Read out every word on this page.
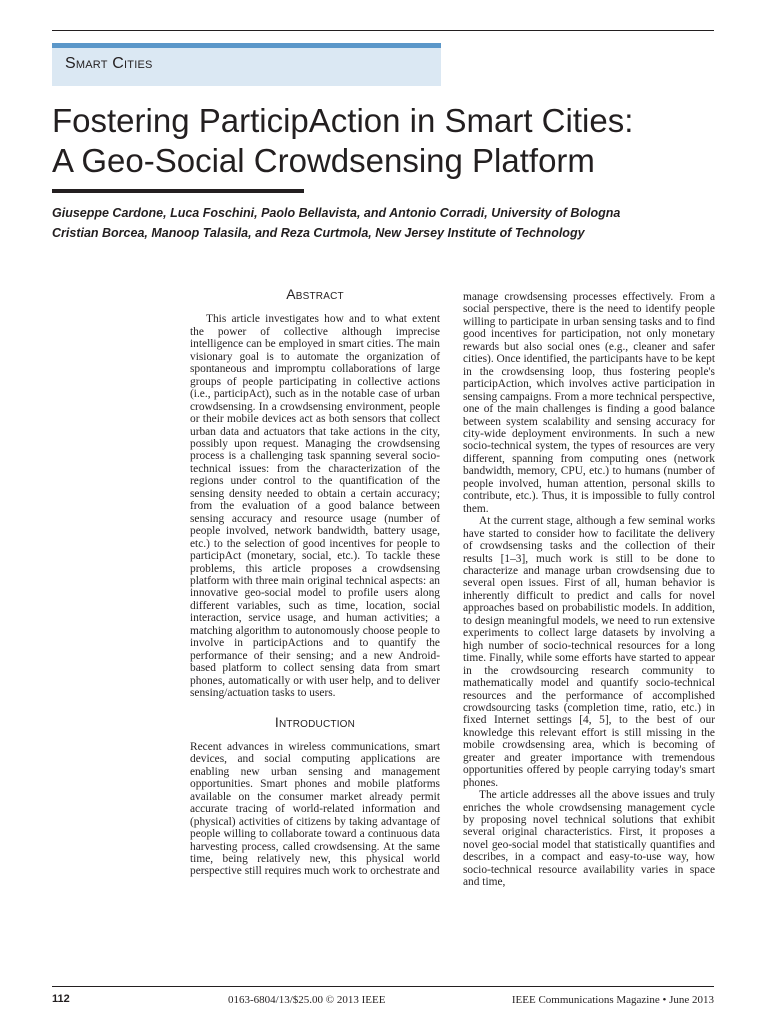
Smart Cities
Fostering ParticipAction in Smart Cities:
A Geo-Social Crowdsensing Platform
Giuseppe Cardone, Luca Foschini, Paolo Bellavista, and Antonio Corradi, University of Bologna
Cristian Borcea, Manoop Talasila, and Reza Curtmola, New Jersey Institute of Technology
Abstract

This article investigates how and to what extent the power of collective although imprecise intelligence can be employed in smart cities. The main visionary goal is to automate the organization of spontaneous and impromptu collaborations of large groups of people participating in collective actions (i.e., participAct), such as in the notable case of urban crowdsensing. In a crowdsensing environment, people or their mobile devices act as both sensors that collect urban data and actuators that take actions in the city, possibly upon request. Managing the crowdsensing process is a challenging task spanning several socio-technical issues: from the characterization of the regions under control to the quantification of the sensing density needed to obtain a certain accuracy; from the evaluation of a good balance between sensing accuracy and resource usage (number of people involved, network bandwidth, battery usage, etc.) to the selection of good incentives for people to participAct (monetary, social, etc.). To tackle these problems, this article proposes a crowdsensing platform with three main original technical aspects: an innovative geo-social model to profile users along different variables, such as time, location, social interaction, service usage, and human activities; a matching algorithm to autonomously choose people to involve in participActions and to quantify the performance of their sensing; and a new Android-based platform to collect sensing data from smart phones, automatically or with user help, and to deliver sensing/actuation tasks to users.

Introduction

Recent advances in wireless communications, smart devices, and social computing applications are enabling new urban sensing and management opportunities. Smart phones and mobile platforms available on the consumer market already permit accurate tracing of world-related information and (physical) activities of citizens by taking advantage of people willing to collaborate toward a continuous data harvesting process, called crowdsensing. At the same time, being relatively new, this physical world perspective still requires much work to orchestrate and

manage crowdsensing processes effectively. From a social perspective, there is the need to identify people willing to participate in urban sensing tasks and to find good incentives for participation, not only monetary rewards but also social ones (e.g., cleaner and safer cities). Once identified, the participants have to be kept in the crowdsensing loop, thus fostering people's participAction, which involves active participation in sensing campaigns. From a more technical perspective, one of the main challenges is finding a good balance between system scalability and sensing accuracy for city-wide deployment environments. In such a new socio-technical system, the types of resources are very different, spanning from computing ones (network bandwidth, memory, CPU, etc.) to humans (number of people involved, human attention, personal skills to contribute, etc.). Thus, it is impossible to fully control them.

At the current stage, although a few seminal works have started to consider how to facilitate the delivery of crowdsensing tasks and the collection of their results [1–3], much work is still to be done to characterize and manage urban crowdsensing due to several open issues. First of all, human behavior is inherently difficult to predict and calls for novel approaches based on probabilistic models. In addition, to design meaningful models, we need to run extensive experiments to collect large datasets by involving a high number of socio-technical resources for a long time. Finally, while some efforts have started to appear in the crowdsourcing research community to mathematically model and quantify socio-technical resources and the performance of accomplished crowdsourcing tasks (completion time, ratio, etc.) in fixed Internet settings [4, 5], to the best of our knowledge this relevant effort is still missing in the mobile crowdsensing area, which is becoming of greater and greater importance with tremendous opportunities offered by people carrying today's smart phones.

The article addresses all the above issues and truly enriches the whole crowdsensing management cycle by proposing novel technical solutions that exhibit several original characteristics. First, it proposes a novel geo-social model that statistically quantifies and describes, in a compact and easy-to-use way, how socio-technical resource availability varies in space and time,

112	0163-6804/13/$25.00 © 2013 IEEE	IEEE Communications Magazine • June 2013
